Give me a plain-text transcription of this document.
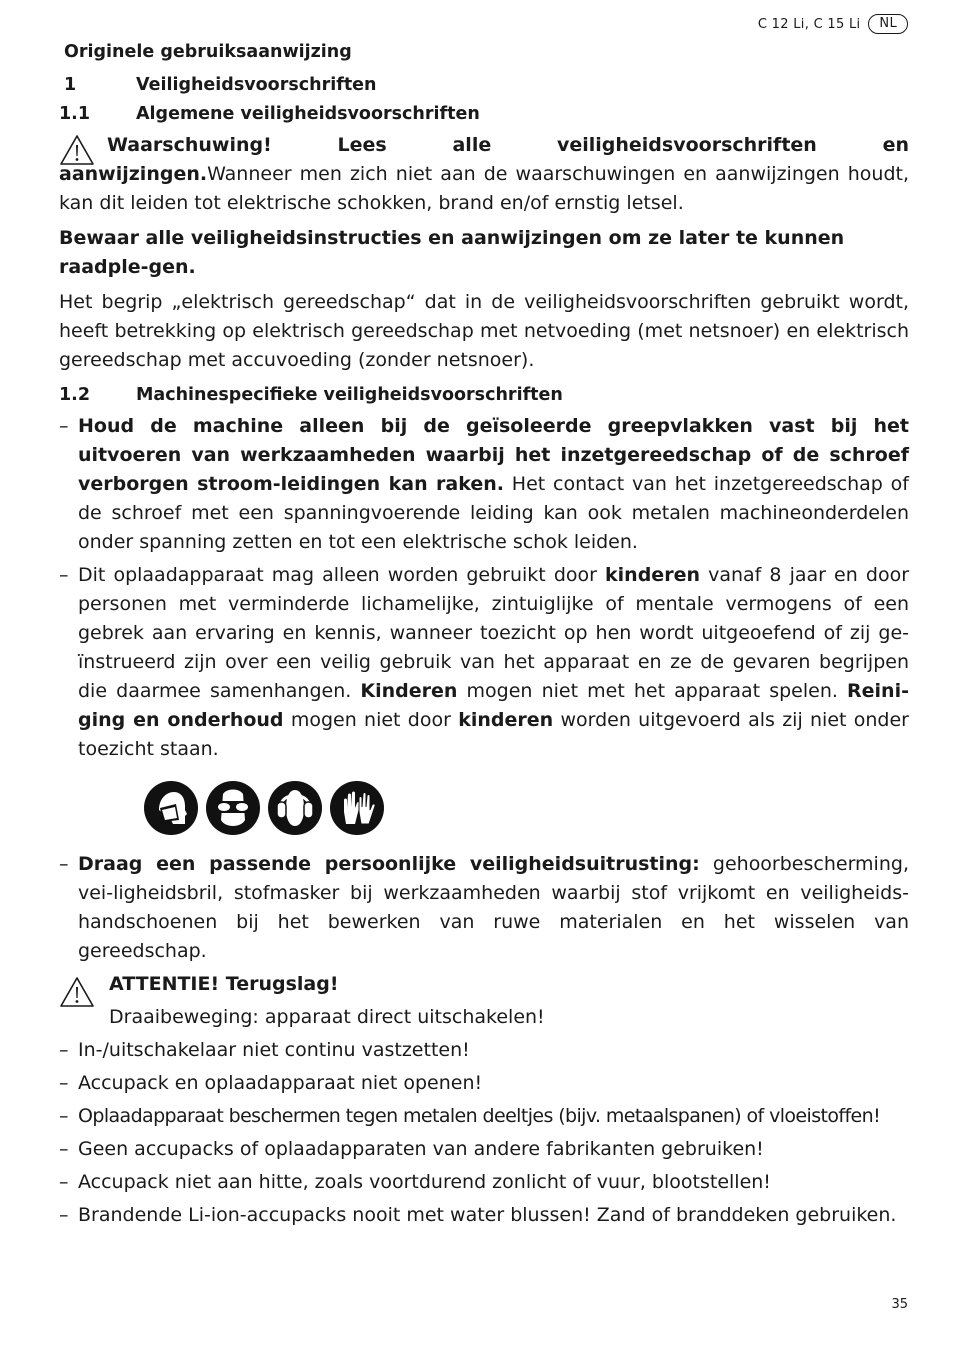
C 12 Li, C 15 Li	NL
Originele gebruiksaanwijzing
1	Veiligheidsvoorschriften
1.1	Algemene veiligheidsvoorschriften

Waarschuwing! Lees alle veiligheidsvoorschriften en aanwijzingen.Wanneer men zich niet aan de waarschuwingen en aanwijzingen houdt, kan dit leiden tot elektrische schokken, brand en/of ernstig letsel.

Bewaar alle veiligheidsinstructies en aanwijzingen om ze later te kunnen raadple-gen.

Het begrip „elektrisch gereedschap“ dat in de veiligheidsvoorschriften gebruikt wordt, heeft betrekking op elektrisch gereedschap met netvoeding (met netsnoer) en elektrisch gereedschap met accuvoeding (zonder netsnoer).

1.2	Machinespecifieke veiligheidsvoorschriften
– Houd de machine alleen bij de geïsoleerde greepvlakken vast bij het uitvoeren van werkzaamheden waarbij het inzetgereedschap of de schroef verborgen stroom-leidingen kan raken. Het contact van het inzetgereedschap of de schroef met een spanningvoerende leiding kan ook metalen machineonderdelen onder spanning zetten en tot een elektrische schok leiden.
– Dit oplaadapparaat mag alleen worden gebruikt door kinderen vanaf 8 jaar en door personen met verminderde lichamelijke, zintuiglijke of mentale vermogens of een gebrek aan ervaring en kennis, wanneer toezicht op hen wordt uitgeoefend of zij ge-ïnstrueerd zijn over een veilig gebruik van het apparaat en ze de gevaren begrijpen die daarmee samenhangen. Kinderen mogen niet met het apparaat spelen. Reini-ging en onderhoud mogen niet door kinderen worden uitgevoerd als zij niet onder toezicht staan.
– Draag een passende persoonlijke veiligheidsuitrusting: gehoorbescherming, vei-ligheidsbril, stofmasker bij werkzaamheden waarbij stof vrijkomt en veiligheids-handschoenen bij het bewerken van ruwe materialen en het wisselen van gereedschap.
ATTENTIE! Terugslag!
Draaibeweging: apparaat direct uitschakelen!
– In-/uitschakelaar niet continu vastzetten!
– Accupack en oplaadapparaat niet openen!
– Oplaadapparaat beschermen tegen metalen deeltjes (bijv. metaalspanen) of vloeistoffen!
– Geen accupacks of oplaadapparaten van andere fabrikanten gebruiken!
– Accupack niet aan hitte, zoals voortdurend zonlicht of vuur, blootstellen!
– Brandende Li-ion-accupacks nooit met water blussen! Zand of branddeken gebruiken.
35
